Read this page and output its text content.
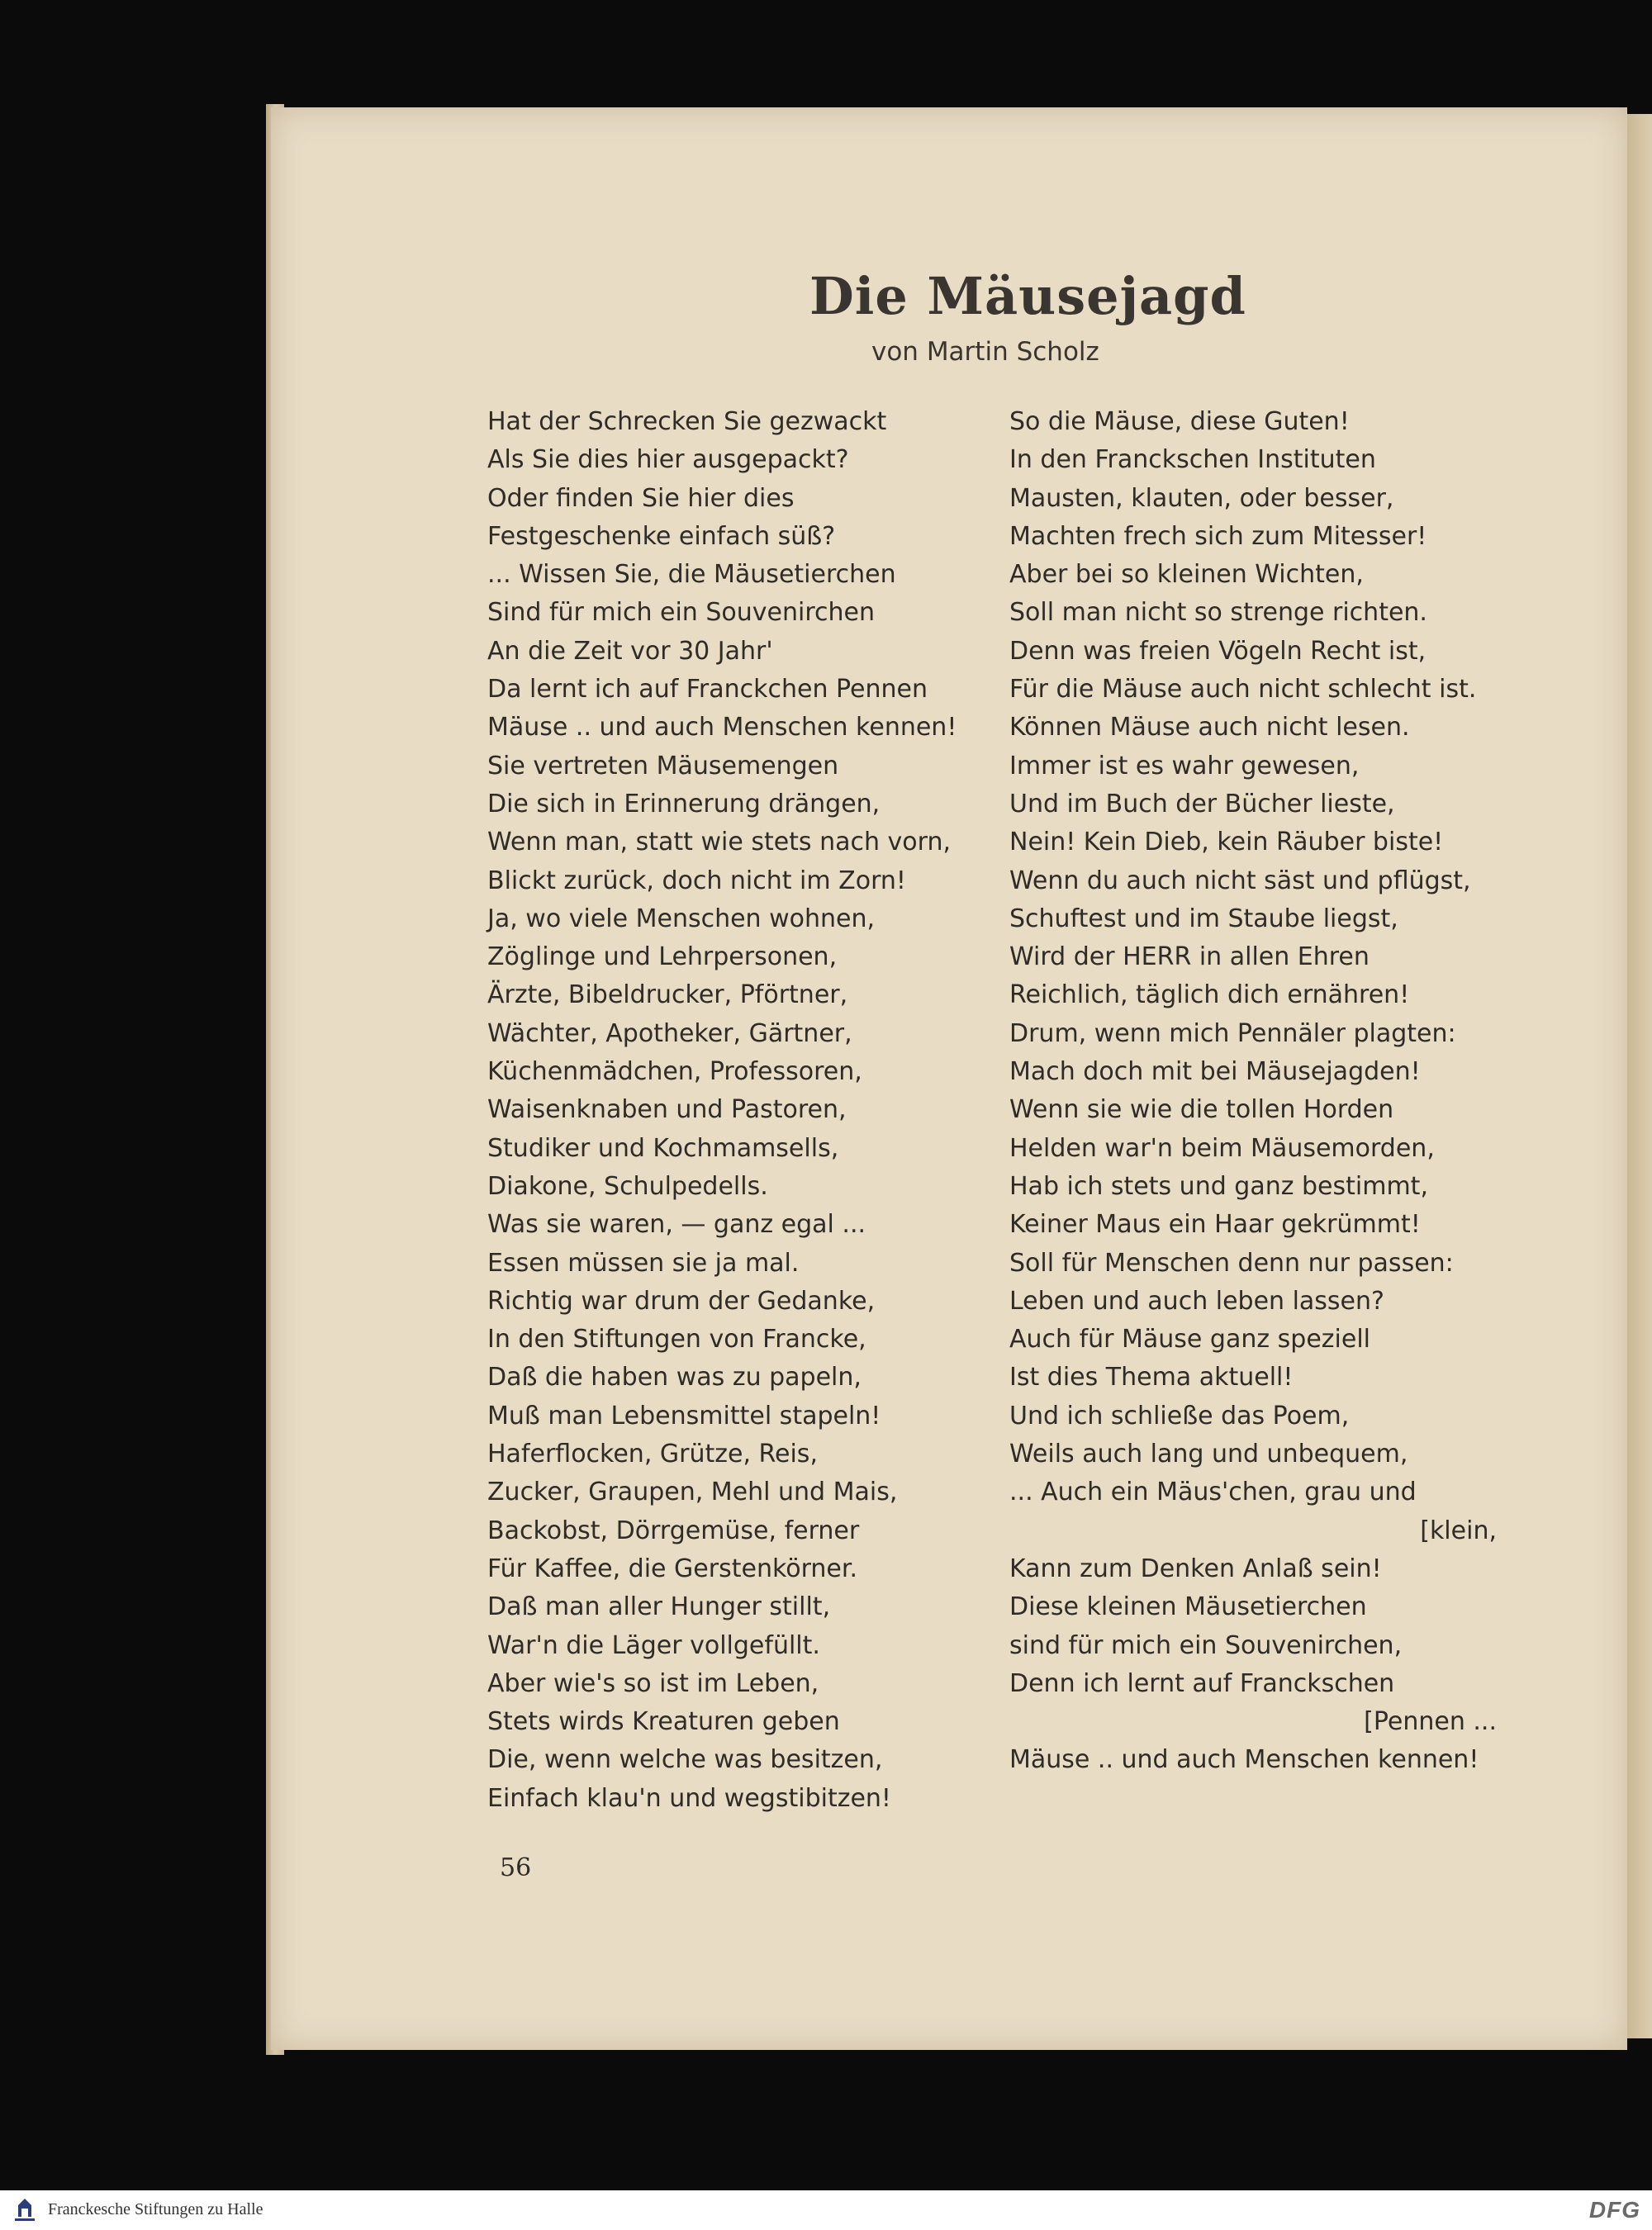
Die Mäusejagd
von Martin Scholz
Hat der Schrecken Sie gezwackt
Als Sie dies hier ausgepackt?
Oder finden Sie hier dies
Festgeschenke einfach süß?
... Wissen Sie, die Mäusetierchen
Sind für mich ein Souvenirchen
An die Zeit vor 30 Jahr'
Da lernt ich auf Franckchen Pennen
Mäuse .. und auch Menschen kennen!
Sie vertreten Mäusemengen
Die sich in Erinnerung drängen,
Wenn man, statt wie stets nach vorn,
Blickt zurück, doch nicht im Zorn!
Ja, wo viele Menschen wohnen,
Zöglinge und Lehrpersonen,
Ärzte, Bibeldrucker, Pförtner,
Wächter, Apotheker, Gärtner,
Küchenmädchen, Professoren,
Waisenknaben und Pastoren,
Studiker und Kochmamsells,
Diakone, Schulpedells.
Was sie waren, — ganz egal ...
Essen müssen sie ja mal.
Richtig war drum der Gedanke,
In den Stiftungen von Francke,
Daß die haben was zu papeln,
Muß man Lebensmittel stapeln!
Haferflocken, Grütze, Reis,
Zucker, Graupen, Mehl und Mais,
Backobst, Dörrgemüse, ferner
Für Kaffee, die Gerstenkörner.
Daß man aller Hunger stillt,
War'n die Läger vollgefüllt.
Aber wie's so ist im Leben,
Stets wirds Kreaturen geben
Die, wenn welche was besitzen,
Einfach klau'n und wegstibitzen!
So die Mäuse, diese Guten!
In den Franckschen Instituten
Mausten, klauten, oder besser,
Machten frech sich zum Mitesser!
Aber bei so kleinen Wichten,
Soll man nicht so strenge richten.
Denn was freien Vögeln Recht ist,
Für die Mäuse auch nicht schlecht ist.
Können Mäuse auch nicht lesen.
Immer ist es wahr gewesen,
Und im Buch der Bücher lieste,
Nein! Kein Dieb, kein Räuber biste!
Wenn du auch nicht säst und pflügst,
Schuftest und im Staube liegst,
Wird der HERR in allen Ehren
Reichlich, täglich dich ernähren!
Drum, wenn mich Pennäler plagten:
Mach doch mit bei Mäusejagden!
Wenn sie wie die tollen Horden
Helden war'n beim Mäusemorden,
Hab ich stets und ganz bestimmt,
Keiner Maus ein Haar gekrümmt!
Soll für Menschen denn nur passen:
Leben und auch leben lassen?
Auch für Mäuse ganz speziell
Ist dies Thema aktuell!
Und ich schließe das Poem,
Weils auch lang und unbequem,
... Auch ein Mäus'chen, grau und
[klein,
Kann zum Denken Anlaß sein!
Diese kleinen Mäusetierchen
sind für mich ein Souvenirchen,
Denn ich lernt auf Franckschen
[Pennen ...
Mäuse .. und auch Menschen kennen!
56
Franckesche Stiftungen zu Halle	DFG
